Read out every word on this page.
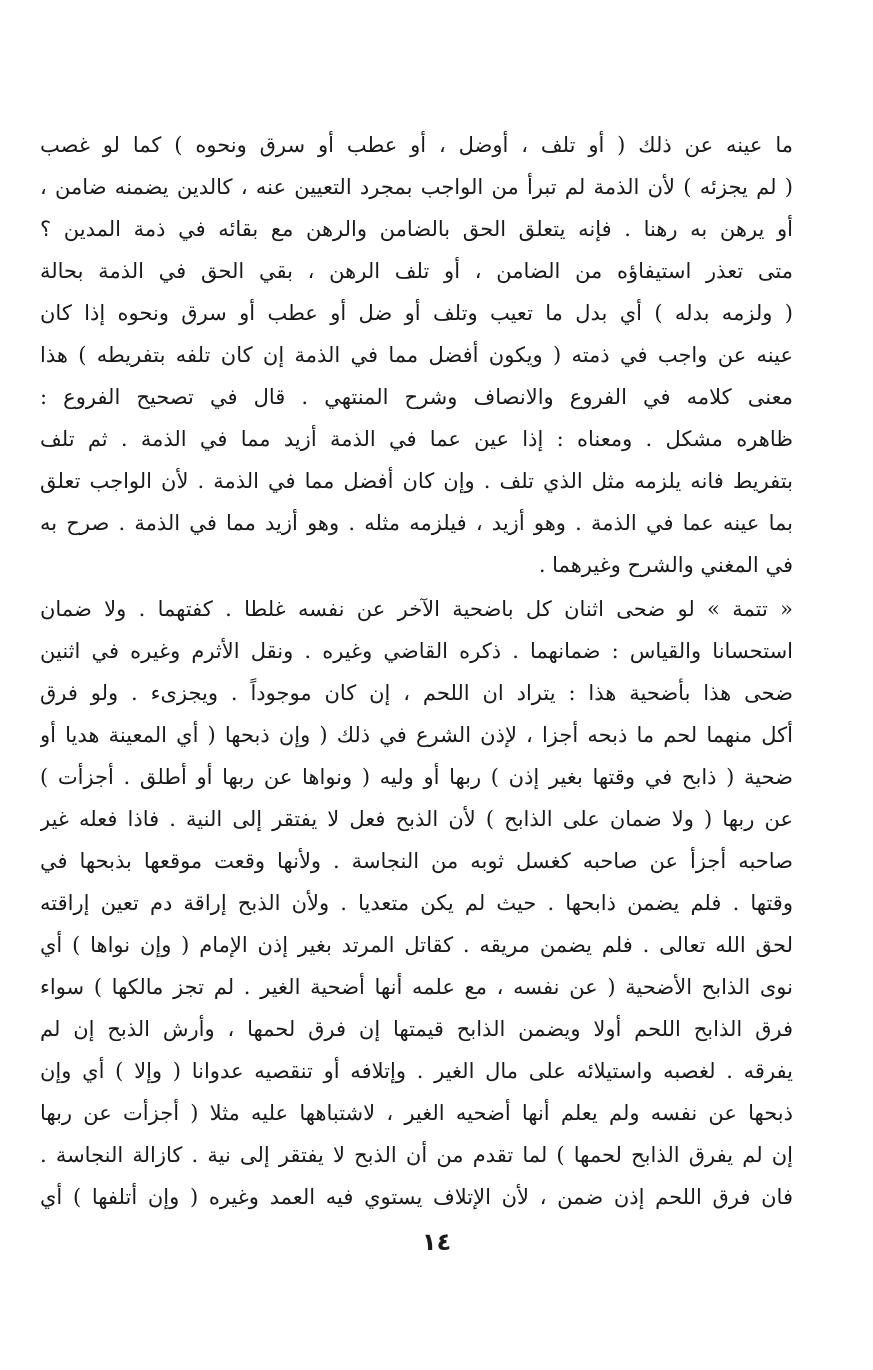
ما عينه عن ذلك ( أو تلف ، أوضل ، أو عطب أو سرق ونحوه ) كما لو غصب
( لم يجزئه ) لأن الذمة لم تبرأ من الواجب بمجرد التعيين عنه ، كالدين يضمنه ضامن ،
أو يرهن به رهنا . فإنه يتعلق الحق بالضامن والرهن مع بقائه في ذمة المدين ؟
متى تعذر استيفاؤه من الضامن ، أو تلف الرهن ، بقي الحق في الذمة بحالة
( ولزمه بدله ) أي بدل ما تعيب وتلف أو ضل أو عطب أو سرق ونحوه إذا كان
عينه عن واجب في ذمته ( ويكون أفضل مما في الذمة إن كان تلفه بتفريطه ) هذا
معنى كلامه في الفروع والانصاف وشرح المنتهي . قال في تصحيح الفروع :
ظاهره مشكل . ومعناه : إذا عين عما في الذمة أزيد مما في الذمة . ثم تلف
بتفريط فانه يلزمه مثل الذي تلف . وإن كان أفضل مما في الذمة . لأن الواجب تعلق
بما عينه عما في الذمة . وهو أزيد ، فيلزمه مثله . وهو أزيد مما في الذمة . صرح به
في المغني والشرح وغيرهما .
« تتمة » لو ضحى اثنان كل باضحية الآخر عن نفسه غلطا . كفتهما . ولا ضمان
استحسانا والقياس : ضمانهما . ذكره القاضي وغيره . ونقل الأثرم وغيره في اثنين
ضحى هذا بأضحية هذا : يتراد ان اللحم ، إن كان موجوداً . ويجزىء . ولو فرق
أكل منهما لحم ما ذبحه أجزا ، لإذن الشرع في ذلك ( وإن ذبحها ( أي المعينة هديا أو
ضحية ( ذابح في وقتها بغير إذن ) ربها أو وليه ( ونواها عن ربها أو أطلق . أجزأت )
عن ربها ( ولا ضمان على الذابح ) لأن الذبح فعل لا يفتقر إلى النية . فاذا فعله غير
صاحبه أجزأ عن صاحبه كغسل ثوبه من النجاسة . ولأنها وقعت موقعها بذبحها في
وقتها . فلم يضمن ذابحها . حيث لم يكن متعديا . ولأن الذبح إراقة دم تعين إراقته
لحق الله تعالى . فلم يضمن مريقه . كقاتل المرتد بغير إذن الإمام ( وإن نواها ) أي
نوى الذابح الأضحية ( عن نفسه ، مع علمه أنها أضحية الغير . لم تجز مالكها ) سواء
فرق الذابح اللحم أولا ويضمن الذابح قيمتها إن فرق لحمها ، وأرش الذبح إن لم
يفرقه . لغصبه واستيلائه على مال الغير . وإتلافه أو تنقصيه عدوانا ( وإلا ) أي وإن
ذبحها عن نفسه ولم يعلم أنها أضحيه الغير ، لاشتباهها عليه مثلا ( أجزأت عن ربها
إن لم يفرق الذابح لحمها ) لما تقدم من أن الذبح لا يفتقر إلى نية . كازالة النجاسة .
فان فرق اللحم إذن ضمن ، لأن الإتلاف يستوي فيه العمد وغيره ( وإن أتلفها ) أي
١٤
